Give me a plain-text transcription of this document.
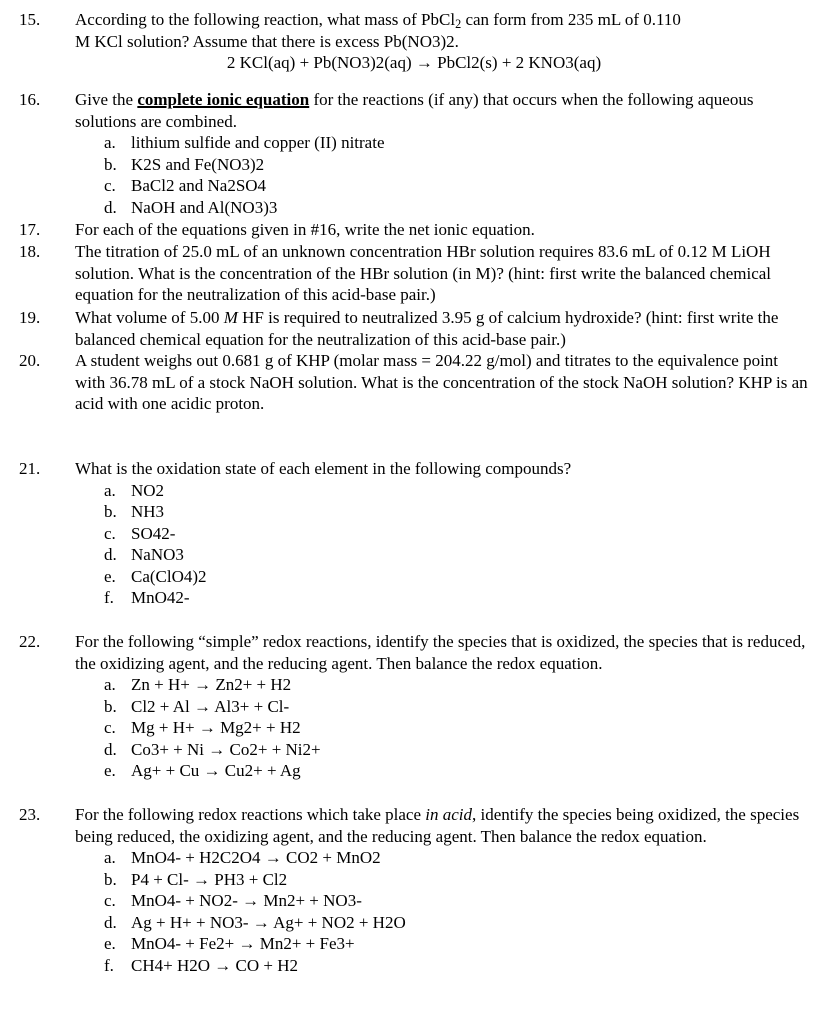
15.	According to the following reaction, what mass of PbCl$_2$ can form from 235 mL of 0.110
M KCl solution? Assume that there is excess Pb(NO3)2.
2 KCl(aq) + Pb(NO3)2(aq) → PbCl2(s) + 2 KNO3(aq)
16.	Give the complete ionic equation for the reactions (if any) that occurs when the following aqueous solutions are combined.
a. lithium sulfide and copper (II) nitrate
b. K2S and Fe(NO3)2
c. BaCl2 and Na2SO4
d. NaOH and Al(NO3)3
17.	For each of the equations given in #16, write the net ionic equation.
18.	The titration of 25.0 mL of an unknown concentration HBr solution requires 83.6 mL of 0.12 M LiOH solution. What is the concentration of the HBr solution (in M)? (hint: first write the balanced chemical equation for the neutralization of this acid-base pair.)
19.	What volume of 5.00 M HF is required to neutralized 3.95 g of calcium hydroxide? (hint: first write the balanced chemical equation for the neutralization of this acid-base pair.)
20.	A student weighs out 0.681 g of KHP (molar mass = 204.22 g/mol) and titrates to the equivalence point with 36.78 mL of a stock NaOH solution. What is the concentration of the stock NaOH solution? KHP is an acid with one acidic proton.
21.	What is the oxidation state of each element in the following compounds?
a. NO2
b. NH3
c. SO42-
d. NaNO3
e. Ca(ClO4)2
f. MnO42-
22.	For the following “simple” redox reactions, identify the species that is oxidized, the species that is reduced, the oxidizing agent, and the reducing agent. Then balance the redox equation.
a. Zn + H+ → Zn2+ + H2
b. Cl2 + Al → Al3+ + Cl-
c. Mg + H+ → Mg2+ + H2
d. Co3+ + Ni → Co2+ + Ni2+
e. Ag+ + Cu → Cu2+ + Ag
23.	For the following redox reactions which take place in acid, identify the species being oxidized, the species being reduced, the oxidizing agent, and the reducing agent. Then balance the redox equation.
a. MnO4- + H2C2O4 → CO2 + MnO2
b. P4 + Cl- → PH3 + Cl2
c. MnO4- + NO2- → Mn2+ + NO3-
d. Ag + H+ + NO3- → Ag+ + NO2 + H2O
e. MnO4- + Fe2+ → Mn2+ + Fe3+
f. CH4+ H2O → CO + H2
